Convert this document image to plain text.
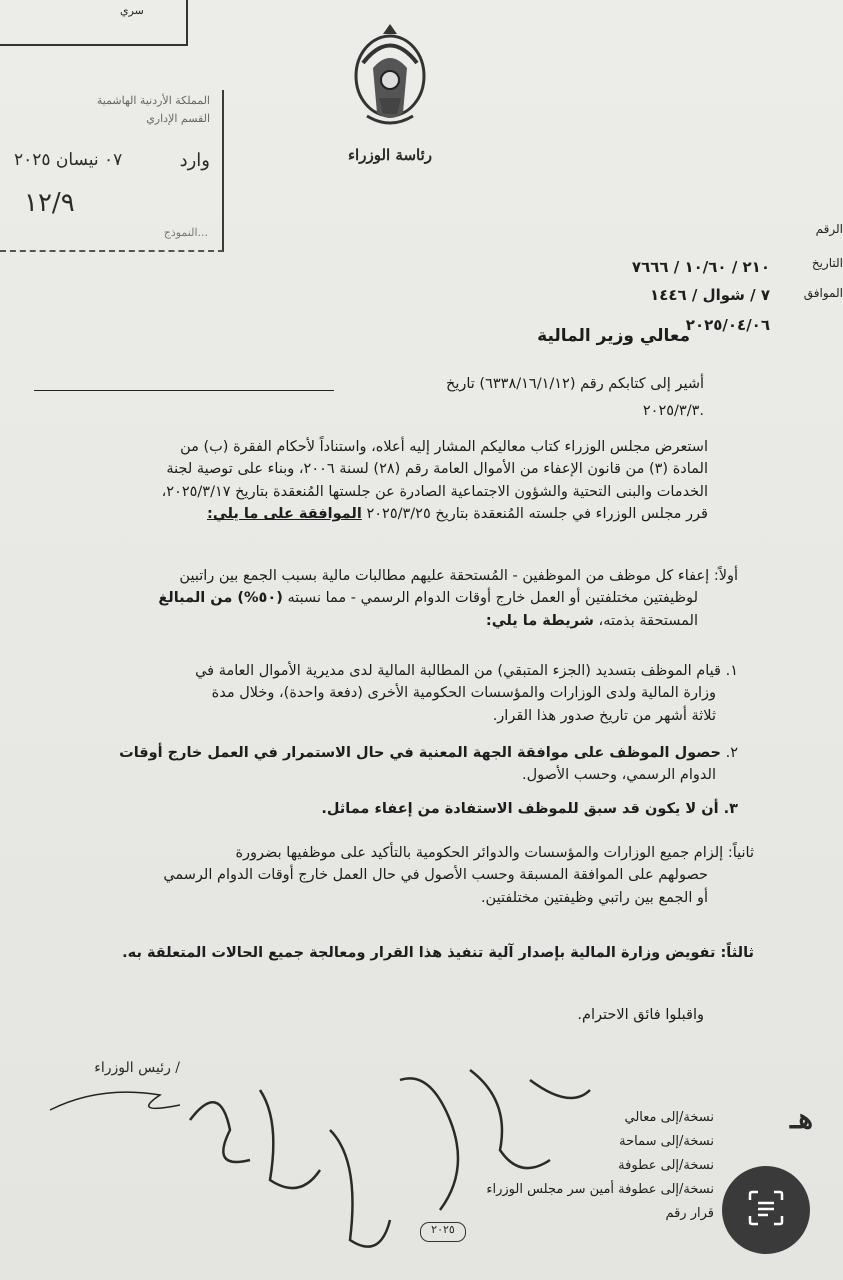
سري
رئاسة الوزراء
المملكة الأردنية الهاشمية
القسم الإداري
وارد
٠٧ نيسان ٢٠٢٥
١٢/٩
...النموذج	الرقم
التاريخ
الموافق
٢١٠ / ١٠/٦٠ / ٧٦٦٦
٧ / شوال / ١٤٤٦
٢٠٢٥/٠٤/٠٦
معالي وزير المالية
أشير إلى كتابكم رقم (٦٣٣٨/١٦/١/١٢) تاريخ
.٢٠٢٥/٣/٣
استعرض مجلس الوزراء كتاب معاليكم المشار إليه أعلاه، واستناداً لأحكام الفقرة (ب) من
المادة (٣) من قانون الإعفاء من الأموال العامة رقم (٢٨) لسنة ٢٠٠٦، وبناء على توصية لجنة
الخدمات والبنى التحتية والشؤون الاجتماعية الصادرة عن جلستها المُنعقدة بتاريخ ٢٠٢٥/٣/١٧،
قرر مجلس الوزراء في جلسته المُنعقدة بتاريخ ٢٠٢٥/٣/٢٥ الموافقة على ما يلي:
أولاً: إعفاء كل موظف من الموظفين - المُستحقة عليهم مطالبات مالية بسبب الجمع بين راتبين
لوظيفتين مختلفتين أو العمل خارج أوقات الدوام الرسمي - مما نسبته (٥٠%) من المبالغ
المستحقة بذمته، شريطة ما يلي:
١. قيام الموظف بتسديد (الجزء المتبقي) من المطالبة المالية لدى مديرية الأموال العامة في
وزارة المالية ولدى الوزارات والمؤسسات الحكومية الأخرى (دفعة واحدة)، وخلال مدة
ثلاثة أشهر من تاريخ صدور هذا القرار.
٢. حصول الموظف على موافقة الجهة المعنية في حال الاستمرار في العمل خارج أوقات
الدوام الرسمي، وحسب الأصول.
٣. أن لا يكون قد سبق للموظف الاستفادة من إعفاء مماثل.
ثانياً: إلزام جميع الوزارات والمؤسسات والدوائر الحكومية بالتأكيد على موظفيها بضرورة
حصولهم على الموافقة المسبقة وحسب الأصول في حال العمل خارج أوقات الدوام الرسمي
أو الجمع بين راتبي وظيفتين مختلفتين.
ثالثاً: تفويض وزارة المالية بإصدار آلية تنفيذ هذا القرار ومعالجة جميع الحالات المتعلقة به.
واقبلوا فائق الاحترام.
/ رئيس الوزراء
نسخة/إلى معالي
نسخة/إلى سماحة
نسخة/إلى عطوفة
نسخة/إلى عطوفة أمين سر مجلس الوزراء
قرار رقم
٢٠٢٥
هـ
